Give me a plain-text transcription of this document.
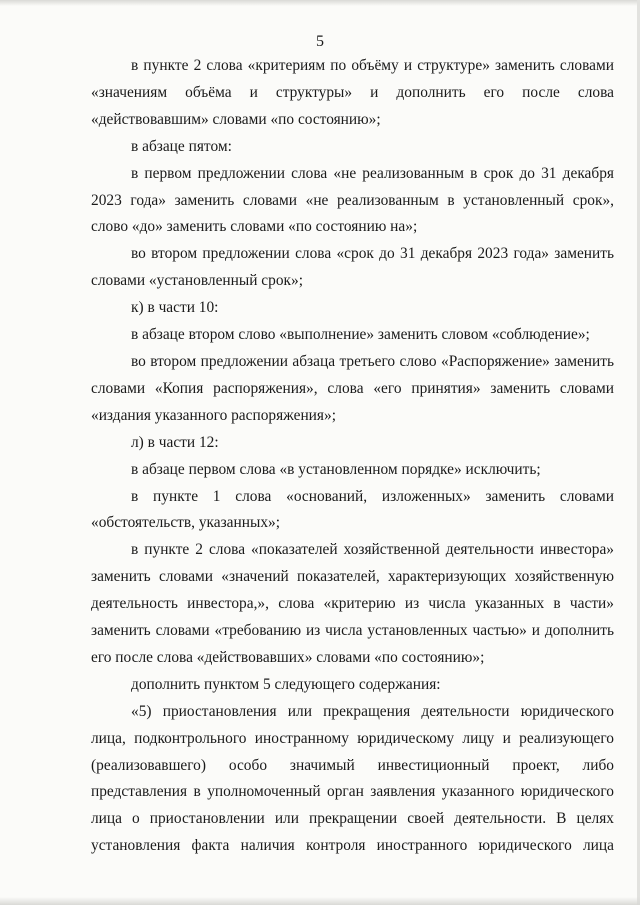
5

в пункте 2 слова «критериям по объёму и структуре» заменить словами «значениям объёма и структуры» и дополнить его после слова «действовавшим» словами «по состоянию»;

в абзаце пятом:

в первом предложении слова «не реализованным в срок до 31 декабря 2023 года» заменить словами «не реализованным в установленный срок», слово «до» заменить словами «по состоянию на»;

во втором предложении слова «срок до 31 декабря 2023 года» заменить словами «установленный срок»;

к) в части 10:

в абзаце втором слово «выполнение» заменить словом «соблюдение»;

во втором предложении абзаца третьего слово «Распоряжение» заменить словами «Копия распоряжения», слова «его принятия» заменить словами «издания указанного распоряжения»;

л) в части 12:

в абзаце первом слова «в установленном порядке» исключить;

в пункте 1 слова «оснований, изложенных» заменить словами «обстоятельств, указанных»;

в пункте 2 слова «показателей хозяйственной деятельности инвестора» заменить словами «значений показателей, характеризующих хозяйственную деятельность инвестора,», слова «критерию из числа указанных в части» заменить словами «требованию из числа установленных частью» и дополнить его после слова «действовавших» словами «по состоянию»;

дополнить пунктом 5 следующего содержания:

«5) приостановления или прекращения деятельности юридического лица, подконтрольного иностранному юридическому лицу и реализующего (реализовавшего) особо значимый инвестиционный проект, либо представления в уполномоченный орган заявления указанного юридического лица о приостановлении или прекращении своей деятельности. В целях установления факта наличия контроля иностранного юридического лица
